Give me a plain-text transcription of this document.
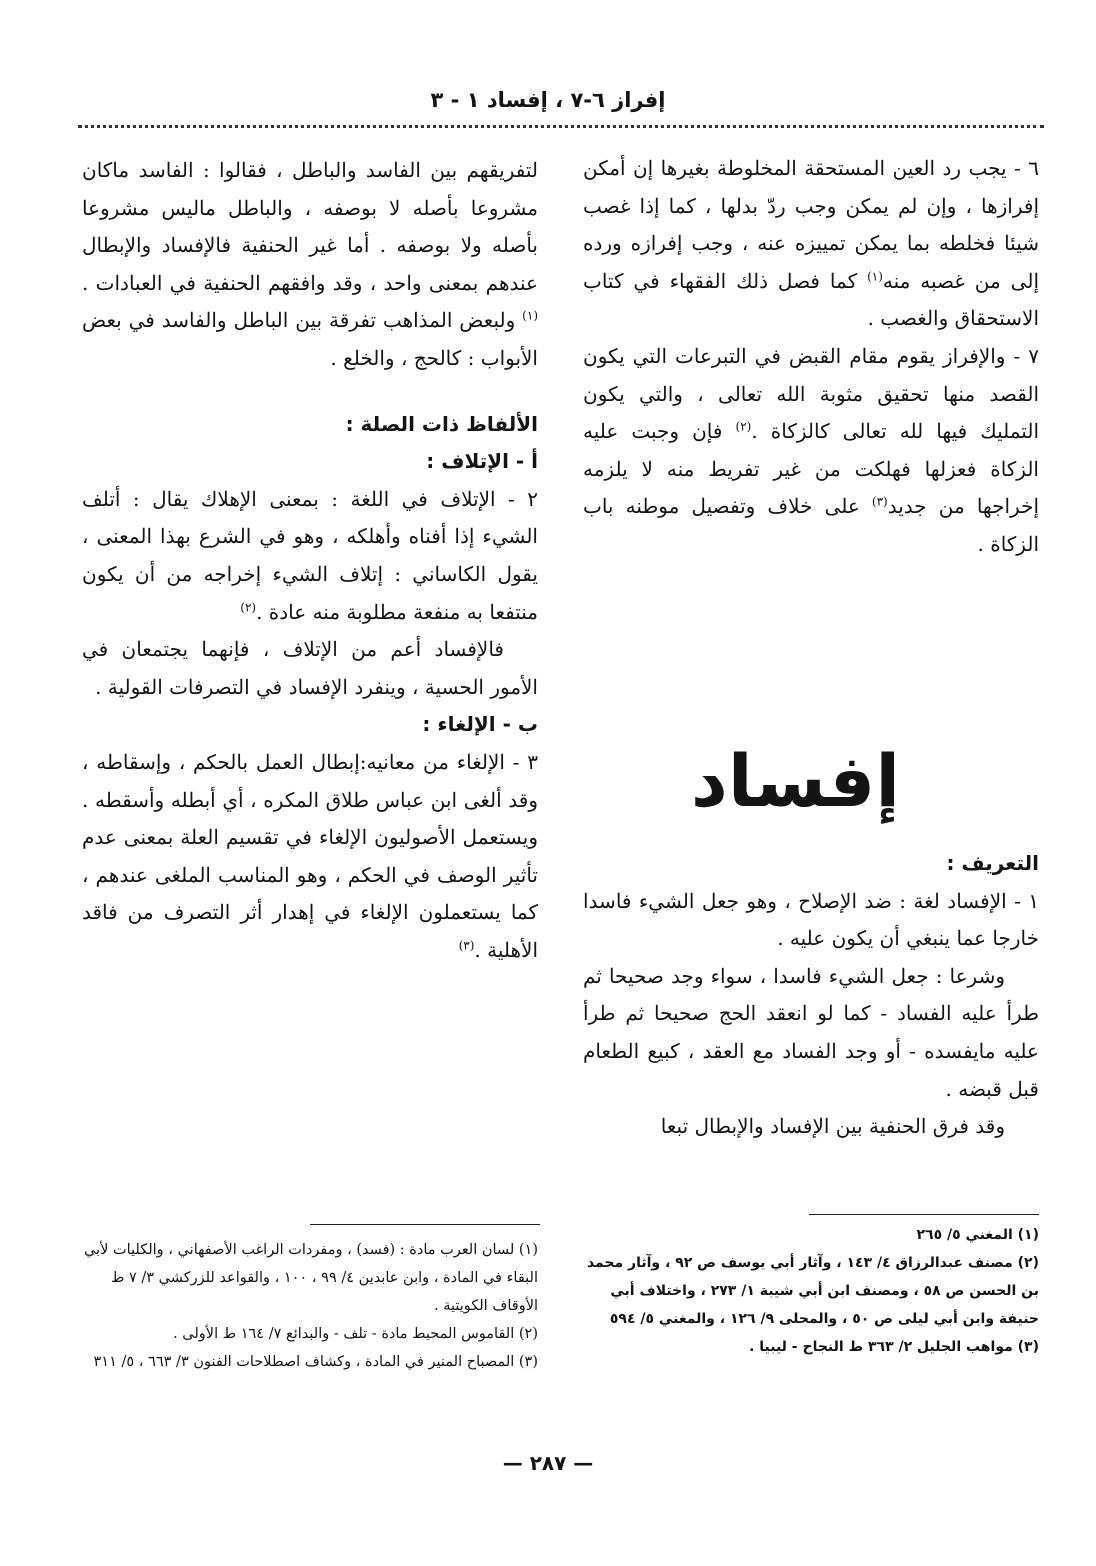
إفراز ٦-٧ ، إفساد ١ - ٣

٦ - يجب رد العين المستحقة المخلوطة بغيرها إن أمكن إفرازها ، وإن لم يمكن وجب ردّ بدلها ، كما إذا غصب شيئا فخلطه بما يمكن تمييزه عنه ، وجب إفرازه ورده إلى من غصبه منه$^{(١)}$ كما فصل ذلك الفقهاء في كتاب الاستحقاق والغصب .

٧ - والإفراز يقوم مقام القبض في التبرعات التي يكون القصد منها تحقيق مثوبة الله تعالى ، والتي يكون التمليك فيها لله تعالى كالزكاة .$^{(٢)}$ فإن وجبت عليه الزكاة فعزلها فهلكت من غير تفريط منه لا يلزمه إخراجها من جديد$^{(٣)}$ على خلاف وتفصيل موطنه باب الزكاة .

إفساد

التعريف :

١ - الإفساد لغة : ضد الإصلاح ، وهو جعل الشيء فاسدا خارجا عما ينبغي أن يكون عليه .

وشرعا : جعل الشيء فاسدا ، سواء وجد صحيحا ثم طرأ عليه الفساد - كما لو انعقد الحج صحيحا ثم طرأ عليه مايفسده - أو وجد الفساد مع العقد ، كبيع الطعام قبل قبضه .

وقد فرق الحنفية بين الإفساد والإبطال تبعا

لتفريقهم بين الفاسد والباطل ، فقالوا : الفاسد ماكان مشروعا بأصله لا بوصفه ، والباطل ماليس مشروعا بأصله ولا بوصفه . أما غير الحنفية فالإفساد والإبطال عندهم بمعنى واحد ، وقد وافقهم الحنفية في العبادات .$^{(١)}$ ولبعض المذاهب تفرقة بين الباطل والفاسد في بعض الأبواب : كالحج ، والخلع .

الألفاظ ذات الصلة :

أ - الإتلاف :

٢ - الإتلاف في اللغة : بمعنى الإهلاك يقال : أتلف الشيء إذا أفناه وأهلكه ، وهو في الشرع بهذا المعنى ، يقول الكاساني : إتلاف الشيء إخراجه من أن يكون منتفعا به منفعة مطلوبة منه عادة .$^{(٢)}$

فالإفساد أعم من الإتلاف ، فإنهما يجتمعان في الأمور الحسية ، وينفرد الإفساد في التصرفات القولية .

ب - الإلغاء :

٣ - الإلغاء من معانيه:إبطال العمل بالحكم ، وإسقاطه ، وقد ألغى ابن عباس طلاق المكره ، أي أبطله وأسقطه . ويستعمل الأصوليون الإلغاء في تقسيم العلة بمعنى عدم تأثير الوصف في الحكم ، وهو المناسب الملغى عندهم ، كما يستعملون الإلغاء في إهدار أثر التصرف من فاقد الأهلية .$^{(٣)}$

(١) المغني ٥/ ٢٦٥

(٢) مصنف عبدالرزاق ٤/ ١٤٣ ، وآثار أبي يوسف ص ٩٢ ، وآثار محمد بن الحسن ص ٥٨ ، ومصنف ابن أبي شيبة ١/ ٢٧٣ ، واختلاف أبي حنيفة وابن أبي ليلى ص ٥٠ ، والمحلى ٩/ ١٢٦ ، والمغني ٥/ ٥٩٤

(٣) مواهب الجليل ٢/ ٣٦٣ ط النجاح - ليبيا .

(١) لسان العرب مادة : (فسد) ، ومفردات الراغب الأصفهاني ، والكليات لأبي البقاء في المادة ، وابن عابدين ٤/ ٩٩ ، ١٠٠ ، والقواعد للزركشي ٣/ ٧ ط الأوقاف الكويتية .

(٢) القاموس المحيط مادة - تلف - والبدائع ٧/ ١٦٤ ط الأولى .

(٣) المصباح المنير في المادة ، وكشاف اصطلاحات الفنون ٣/ ٦٦٣ ، ٥/ ٣١١

— ٢٨٧ —
